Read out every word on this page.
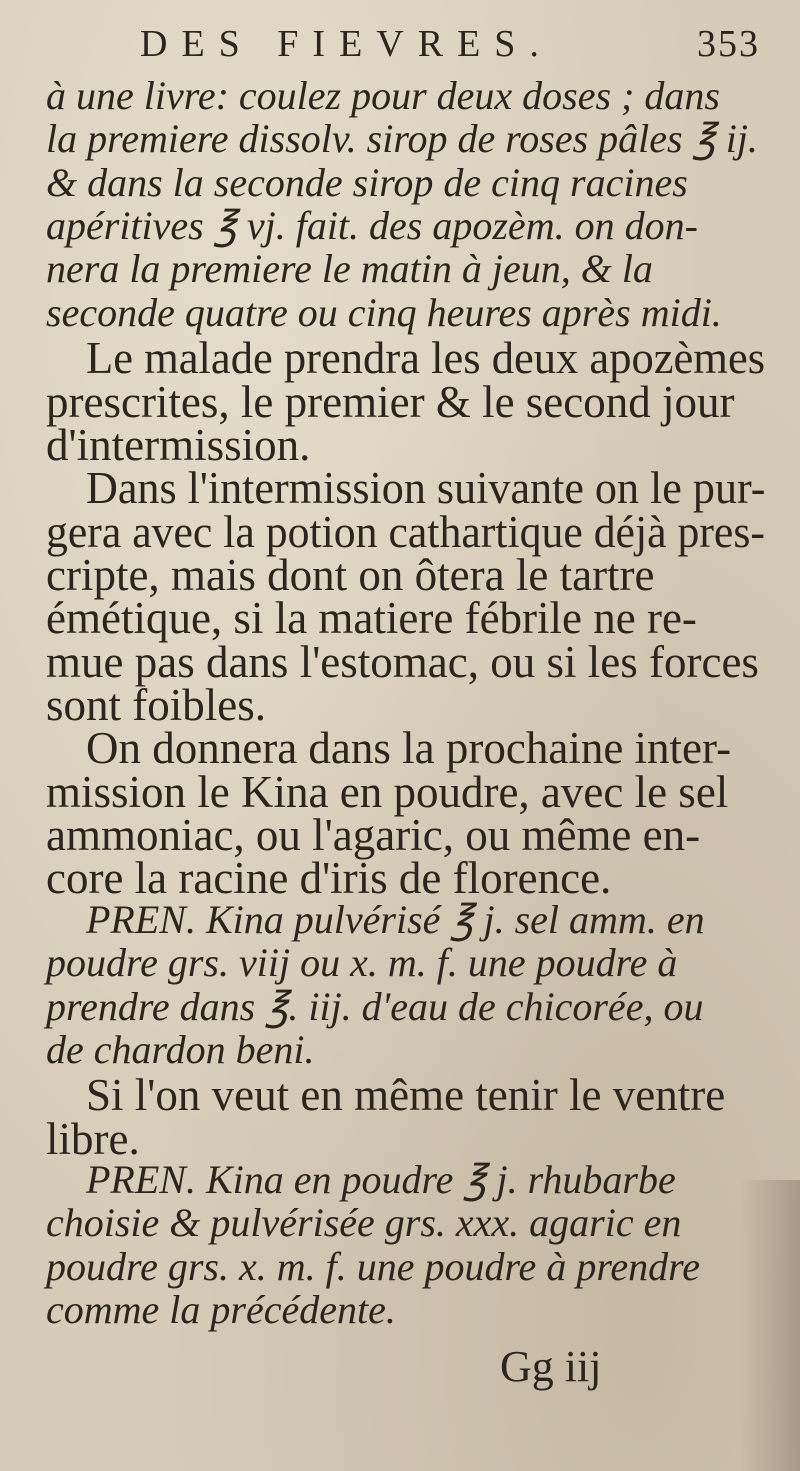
DES FIEVRES.	353
à une livre: coulez pour deux doses ; dans
la premiere dissolv. sirop de roses pâles ℥ ij.
& dans la seconde sirop de cinq racines
apéritives ℥ vj. fait. des apozèm. on don-
nera la premiere le matin à jeun, & la
seconde quatre ou cinq heures après midi.
Le malade prendra les deux apozèmes
prescrites, le premier & le second jour
d'intermission.
Dans l'intermission suivante on le pur-
gera avec la potion cathartique déjà pres-
cripte, mais dont on ôtera le tartre
émétique, si la matiere fébrile ne re-
mue pas dans l'estomac, ou si les forces
sont foibles.
On donnera dans la prochaine inter-
mission le Kina en poudre, avec le sel
ammoniac, ou l'agaric, ou même en-
core la racine d'iris de florence.
PREN. Kina pulvérisé ℥ j. sel amm. en
poudre grs. viij ou x. m. f. une poudre à
prendre dans ℥. iij. d'eau de chicorée, ou
de chardon beni.
Si l'on veut en même tenir le ventre
libre.
PREN. Kina en poudre ℥ j. rhubarbe
choisie & pulvérisée grs. xxx. agaric en
poudre grs. x. m. f. une poudre à prendre
comme la précédente.
Gg iij
